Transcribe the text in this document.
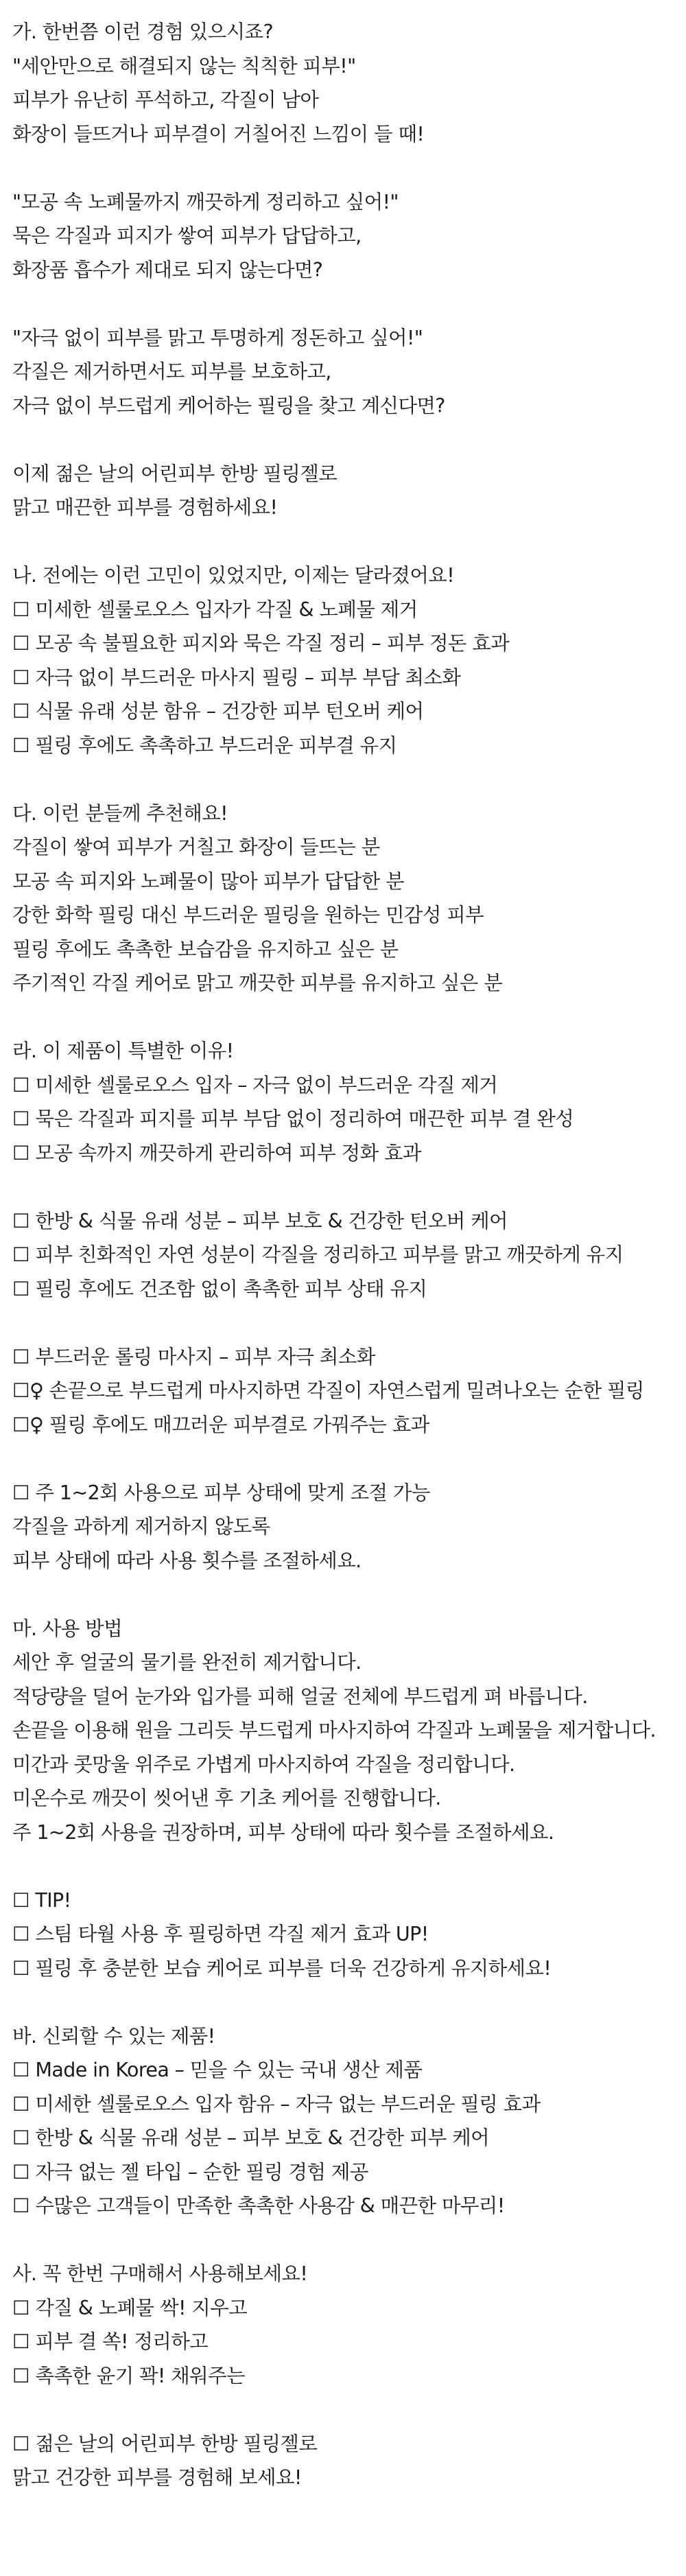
가. 한번쯤 이런 경험 있으시죠?
"세안만으로 해결되지 않는 칙칙한 피부!"
피부가 유난히 푸석하고, 각질이 남아
화장이 들뜨거나 피부결이 거칠어진 느낌이 들 때!
"모공 속 노폐물까지 깨끗하게 정리하고 싶어!"
묵은 각질과 피지가 쌓여 피부가 답답하고,
화장품 흡수가 제대로 되지 않는다면?
"자극 없이 피부를 맑고 투명하게 정돈하고 싶어!"
각질은 제거하면서도 피부를 보호하고,
자극 없이 부드럽게 케어하는 필링을 찾고 계신다면?
이제 젊은 날의 어린피부 한방 필링젤로
맑고 매끈한 피부를 경험하세요!
나. 전에는 이런 고민이 있었지만, 이제는 달라졌어요!
☐ 미세한 셀룰로오스 입자가 각질 & 노폐물 제거
☐ 모공 속 불필요한 피지와 묵은 각질 정리 – 피부 정돈 효과
☐ 자극 없이 부드러운 마사지 필링 – 피부 부담 최소화
☐ 식물 유래 성분 함유 – 건강한 피부 턴오버 케어
☐ 필링 후에도 촉촉하고 부드러운 피부결 유지
다. 이런 분들께 추천해요!
각질이 쌓여 피부가 거칠고 화장이 들뜨는 분
모공 속 피지와 노폐물이 많아 피부가 답답한 분
강한 화학 필링 대신 부드러운 필링을 원하는 민감성 피부
필링 후에도 촉촉한 보습감을 유지하고 싶은 분
주기적인 각질 케어로 맑고 깨끗한 피부를 유지하고 싶은 분
라. 이 제품이 특별한 이유!
☐ 미세한 셀룰로오스 입자 – 자극 없이 부드러운 각질 제거
☐ 묵은 각질과 피지를 피부 부담 없이 정리하여 매끈한 피부 결 완성
☐ 모공 속까지 깨끗하게 관리하여 피부 정화 효과
☐ 한방 & 식물 유래 성분 – 피부 보호 & 건강한 턴오버 케어
☐ 피부 친화적인 자연 성분이 각질을 정리하고 피부를 맑고 깨끗하게 유지
☐ 필링 후에도 건조함 없이 촉촉한 피부 상태 유지
☐ 부드러운 롤링 마사지 – 피부 자극 최소화
☐♀ 손끝으로 부드럽게 마사지하면 각질이 자연스럽게 밀려나오는 순한 필링
☐♀ 필링 후에도 매끄러운 피부결로 가꿔주는 효과
☐ 주 1~2회 사용으로 피부 상태에 맞게 조절 가능
각질을 과하게 제거하지 않도록
피부 상태에 따라 사용 횟수를 조절하세요.
마. 사용 방법
세안 후 얼굴의 물기를 완전히 제거합니다.
적당량을 덜어 눈가와 입가를 피해 얼굴 전체에 부드럽게 펴 바릅니다.
손끝을 이용해 원을 그리듯 부드럽게 마사지하여 각질과 노폐물을 제거합니다.
미간과 콧망울 위주로 가볍게 마사지하여 각질을 정리합니다.
미온수로 깨끗이 씻어낸 후 기초 케어를 진행합니다.
주 1~2회 사용을 권장하며, 피부 상태에 따라 횟수를 조절하세요.
☐ TIP!
☐ 스팀 타월 사용 후 필링하면 각질 제거 효과 UP!
☐ 필링 후 충분한 보습 케어로 피부를 더욱 건강하게 유지하세요!
바. 신뢰할 수 있는 제품!
☐ Made in Korea – 믿을 수 있는 국내 생산 제품
☐ 미세한 셀룰로오스 입자 함유 – 자극 없는 부드러운 필링 효과
☐ 한방 & 식물 유래 성분 – 피부 보호 & 건강한 피부 케어
☐ 자극 없는 젤 타입 – 순한 필링 경험 제공
☐ 수많은 고객들이 만족한 촉촉한 사용감 & 매끈한 마무리!
사. 꼭 한번 구매해서 사용해보세요!
☐ 각질 & 노폐물 싹! 지우고
☐ 피부 결 쏙! 정리하고
☐ 촉촉한 윤기 꽉! 채워주는
☐ 젊은 날의 어린피부 한방 필링젤로
맑고 건강한 피부를 경험해 보세요!
